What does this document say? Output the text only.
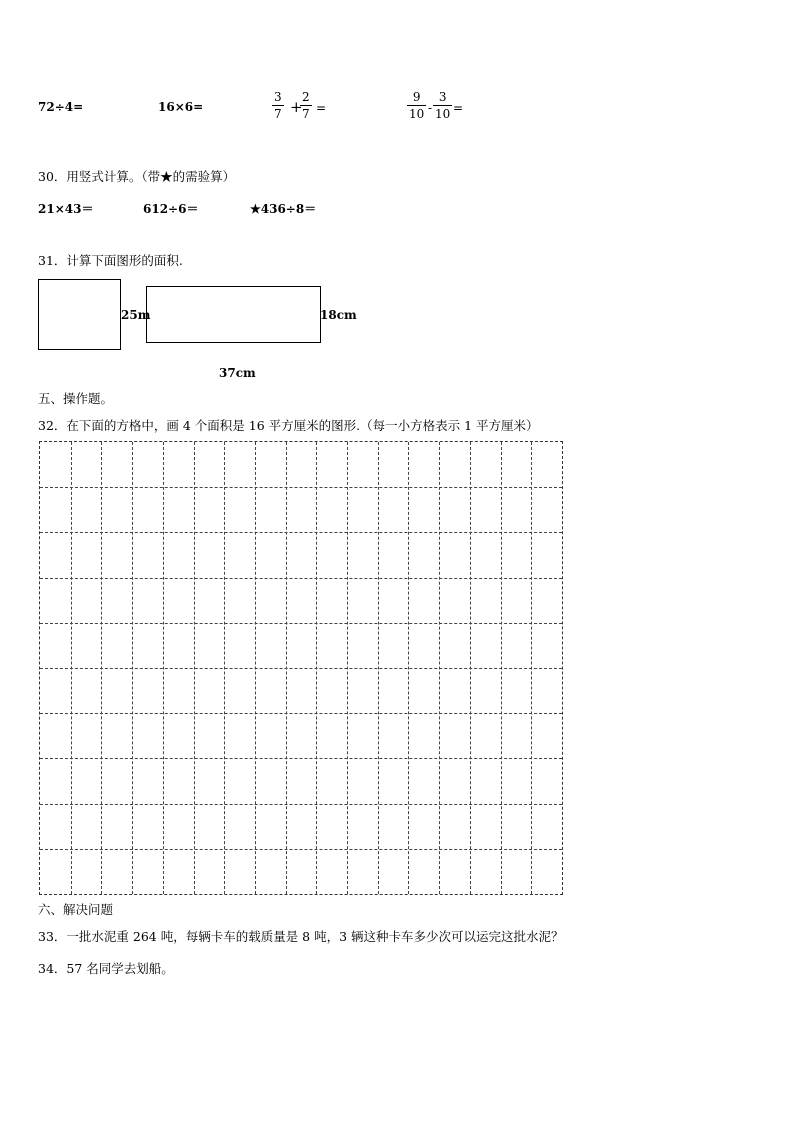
72÷4=	16×6=	$\frac{3}{7}$ +
$\frac{2}{7}$ =	$\frac{9}{10} - \frac{3}{10}$ =
30．用竖式计算。（带★的需验算）
21×43＝	612÷6＝	★436÷8＝
31．计算下面图形的面积.
25m	18cm
37cm
五、操作题。
32．在下面的方格中，画 4 个面积是 16 平方厘米的图形.（每一小方格表示 1 平方厘米）
六、解决问题
33．一批水泥重 264 吨，每辆卡车的载质量是 8 吨，3 辆这种卡车多少次可以运完这批水泥？
34．57 名同学去划船。
